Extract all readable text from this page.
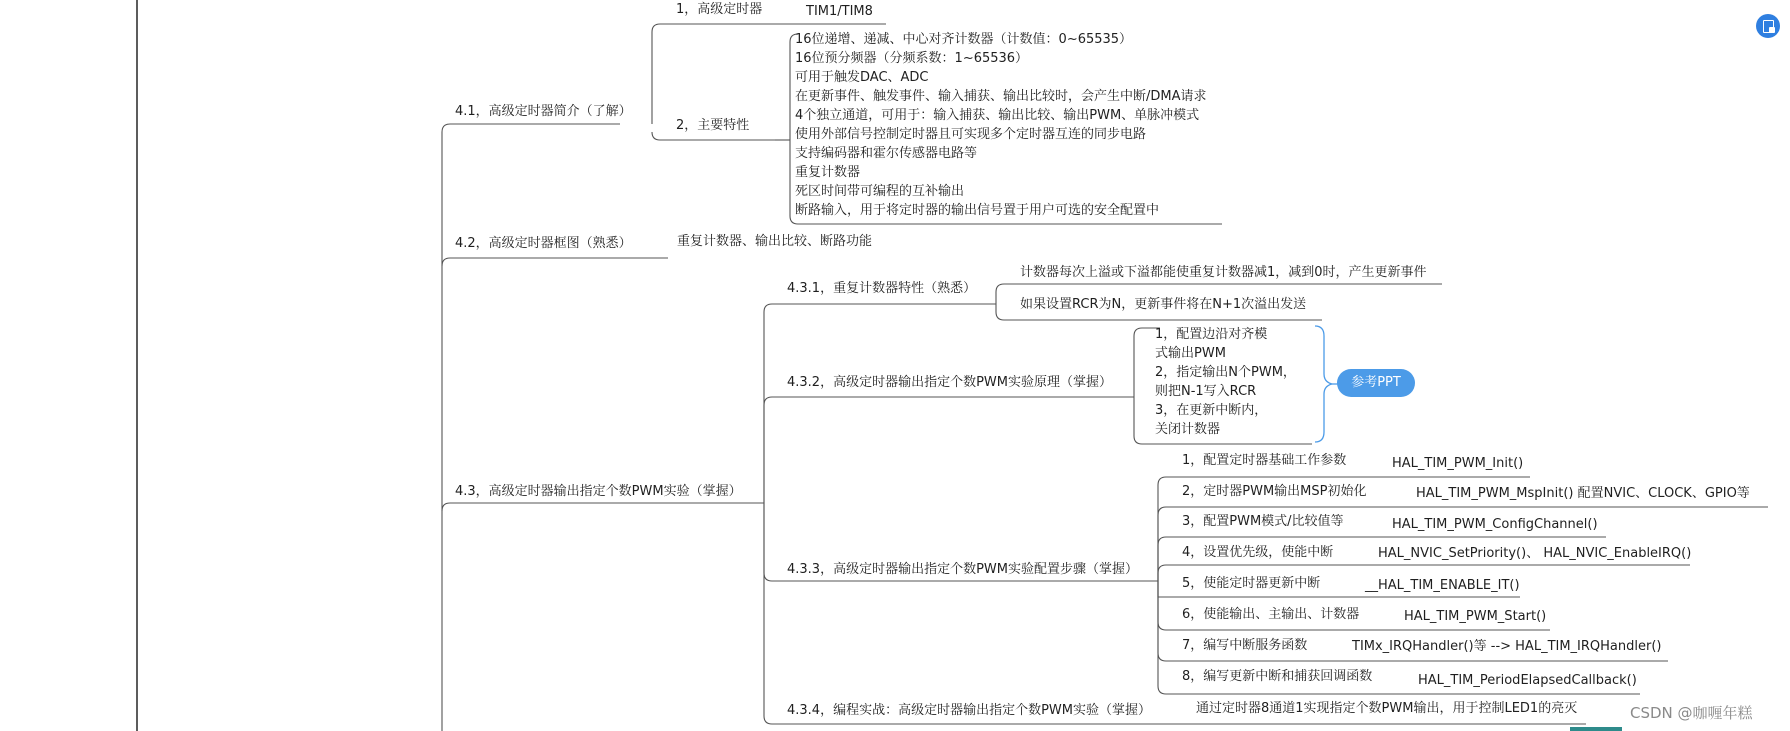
4.1，高级定时器简介（了解）
1，高级定时器	TIM1/TIM8
2，主要特性
16位递增、递减、中心对齐计数器（计数值：0~65535）
16位预分频器（分频系数：1~65536）
可用于触发DAC、ADC
在更新事件、触发事件、输入捕获、输出比较时，会产生中断/DMA请求
4个独立通道，可用于：输入捕获、输出比较、输出PWM、单脉冲模式
使用外部信号控制定时器且可实现多个定时器互连的同步电路
支持编码器和霍尔传感器电路等
重复计数器
死区时间带可编程的互补输出
断路输入，用于将定时器的输出信号置于用户可选的安全配置中
4.2，高级定时器框图（熟悉）	重复计数器、输出比较、断路功能
4.3，高级定时器输出指定个数PWM实验（掌握）
4.3.1，重复计数器特性（熟悉）
计数器每次上溢或下溢都能使重复计数器减1，减到0时，产生更新事件
如果设置RCR为N，更新事件将在N+1次溢出发送
4.3.2，高级定时器输出指定个数PWM实验原理（掌握）
1，配置边沿对齐模
式输出PWM
2，指定输出N个PWM，
则把N-1写入RCR
3，在更新中断内，
关闭计数器
参考PPT
4.3.3，高级定时器输出指定个数PWM实验配置步骤（掌握）
1，配置定时器基础工作参数	HAL_TIM_PWM_Init()
2，定时器PWM输出MSP初始化	HAL_TIM_PWM_MspInit() 配置NVIC、CLOCK、GPIO等
3，配置PWM模式/比较值等	HAL_TIM_PWM_ConfigChannel()
4，设置优先级，使能中断	HAL_NVIC_SetPriority()、 HAL_NVIC_EnableIRQ()
5，使能定时器更新中断	__HAL_TIM_ENABLE_IT()
6，使能输出、主输出、计数器	HAL_TIM_PWM_Start()
7，编写中断服务函数	TIMx_IRQHandler()等 --> HAL_TIM_IRQHandler()
8，编写更新中断和捕获回调函数	HAL_TIM_PeriodElapsedCallback()
4.3.4，编程实战：高级定时器输出指定个数PWM实验（掌握）	通过定时器8通道1实现指定个数PWM输出，用于控制LED1的亮灭	CSDN @咖喱年糕
